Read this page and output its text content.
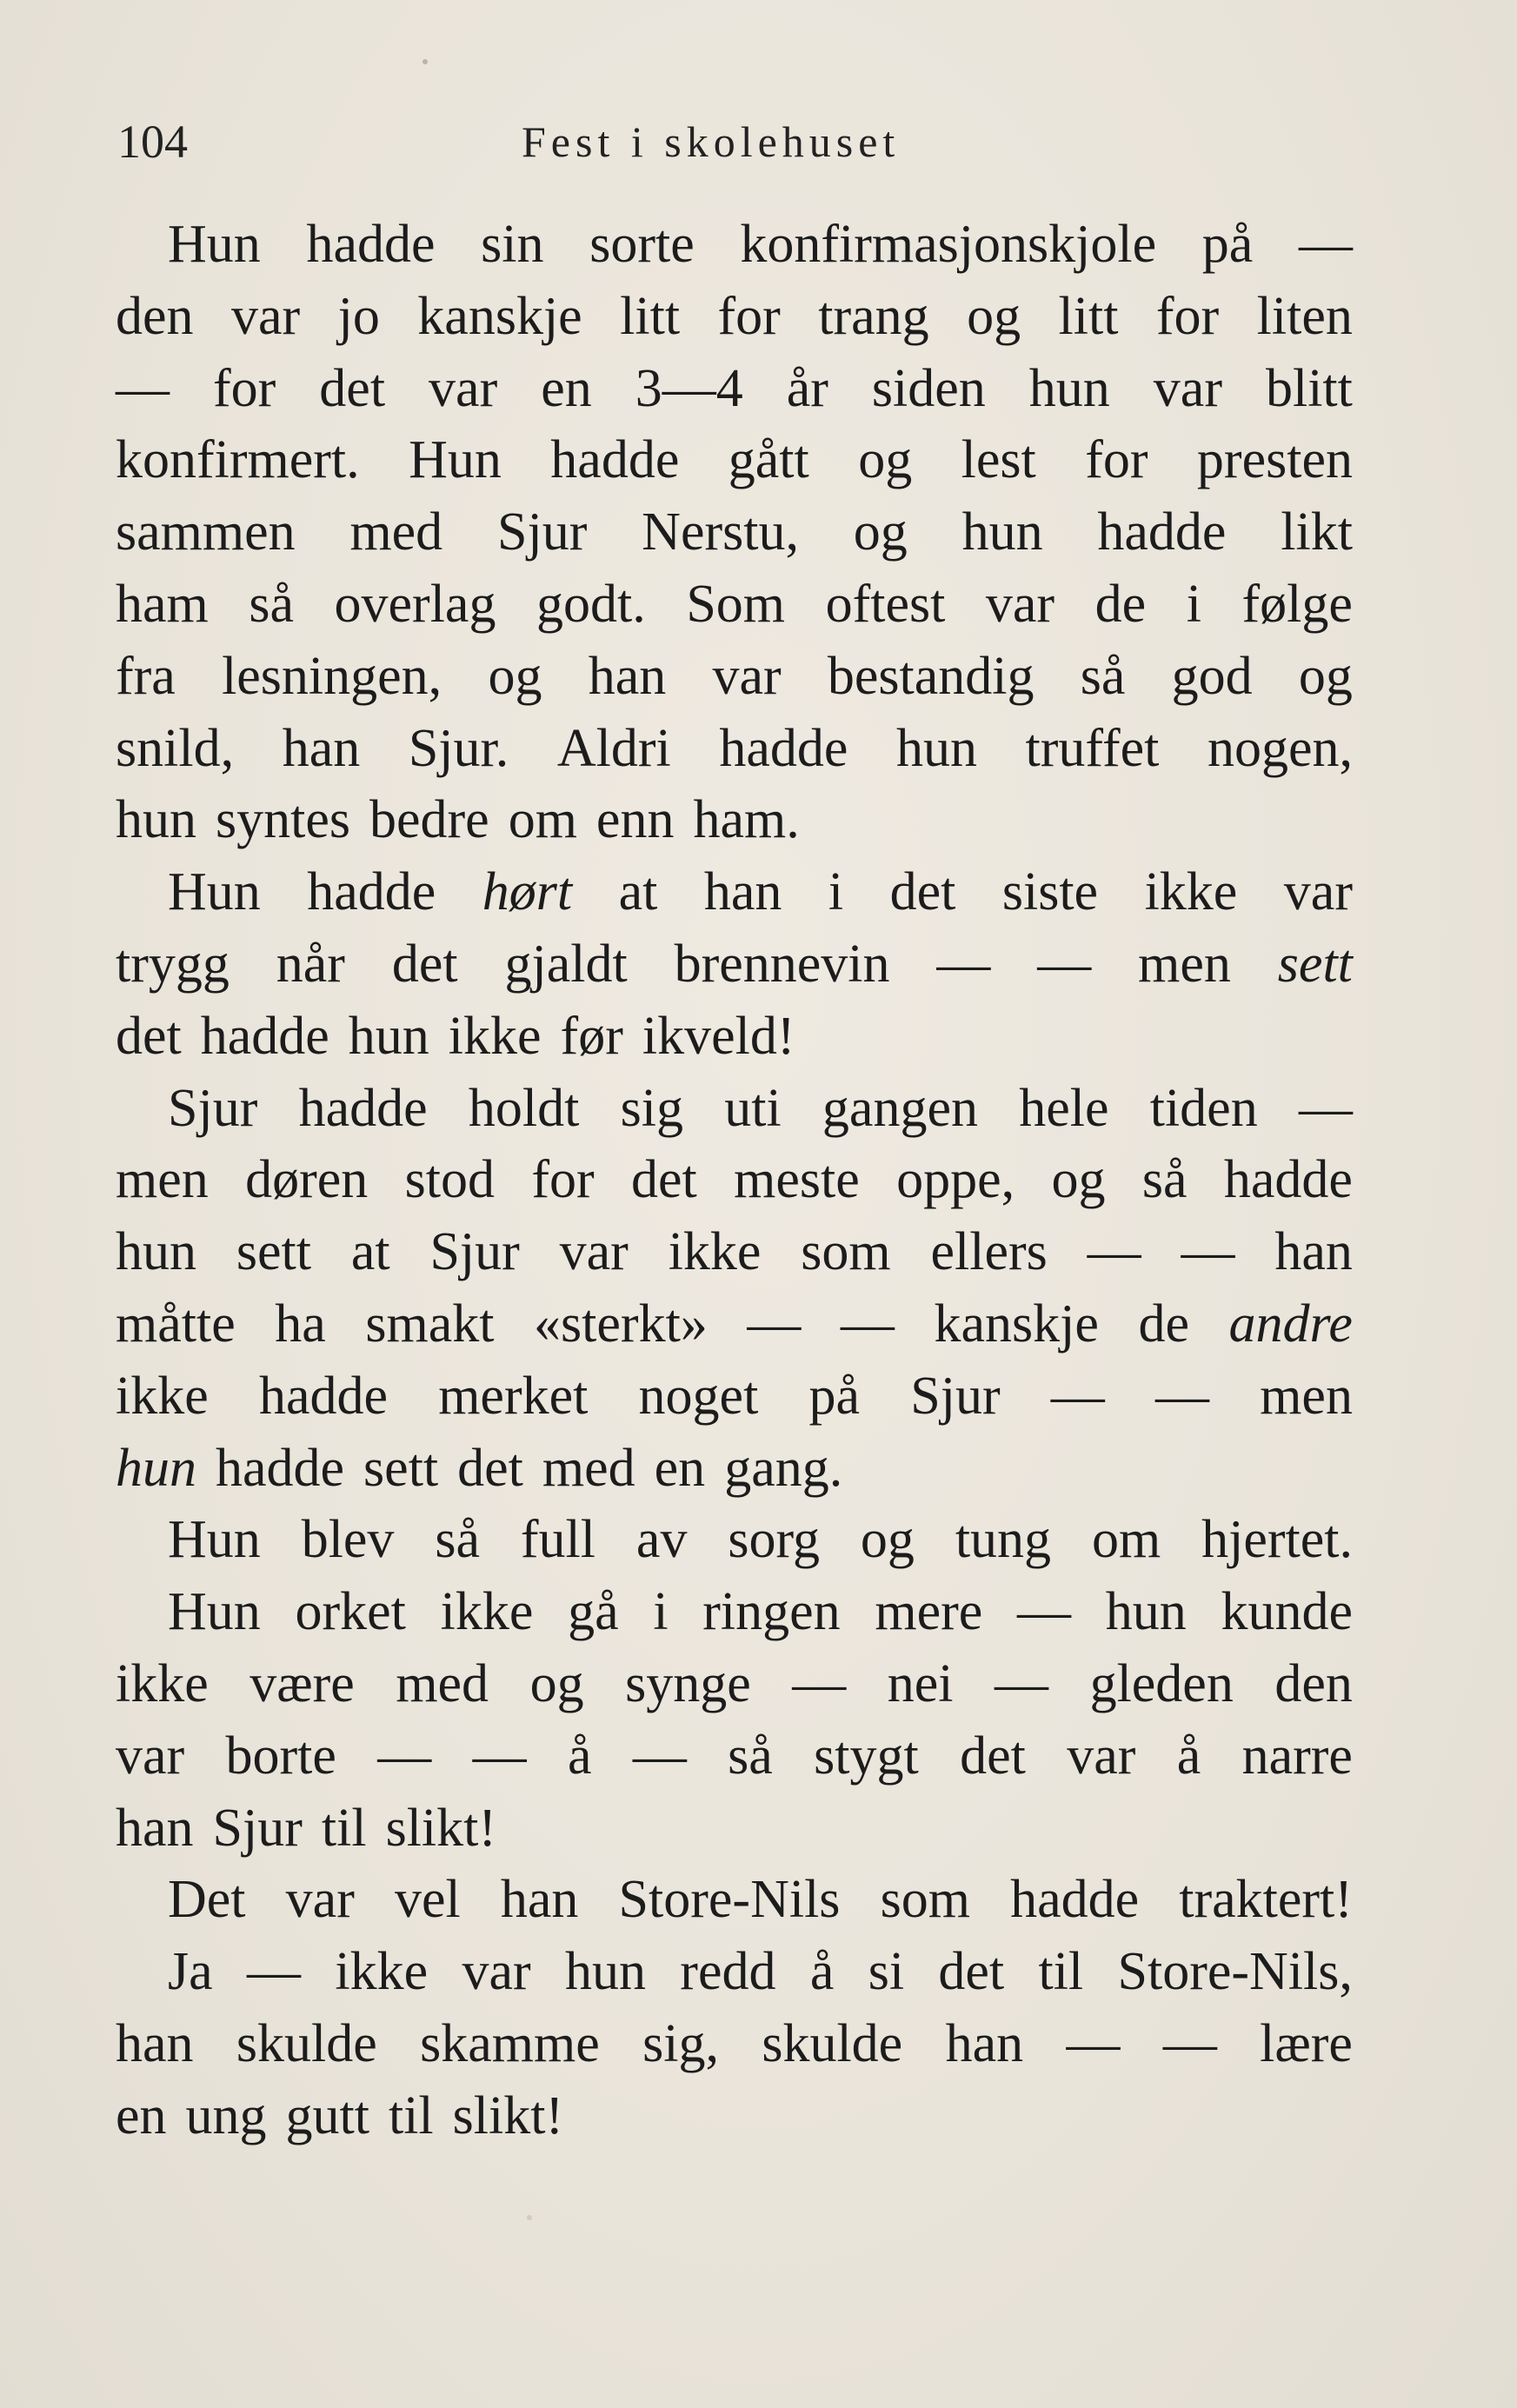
104	Fest i skolehuset
Hun hadde sin sorte konfirmasjonskjole på —
den var jo kanskje litt for trang og litt for liten
— for det var en 3—4 år siden hun var blitt
konfirmert. Hun hadde gått og lest for presten
sammen med Sjur Nerstu, og hun hadde likt
ham så overlag godt. Som oftest var de i følge
fra lesningen, og han var bestandig så god og
snild, han Sjur. Aldri hadde hun truffet nogen,
hun syntes bedre om enn ham.
Hun hadde hørt at han i det siste ikke var
trygg når det gjaldt brennevin — — men sett
det hadde hun ikke før ikveld!
Sjur hadde holdt sig uti gangen hele tiden —
men døren stod for det meste oppe, og så hadde
hun sett at Sjur var ikke som ellers — — han
måtte ha smakt «sterkt» — — kanskje de andre
ikke hadde merket noget på Sjur — — men
hun hadde sett det med en gang.
Hun blev så full av sorg og tung om hjertet.
Hun orket ikke gå i ringen mere — hun kunde
ikke være med og synge — nei — gleden den
var borte — — å — så stygt det var å narre
han Sjur til slikt!
Det var vel han Store-Nils som hadde traktert!
Ja — ikke var hun redd å si det til Store-Nils,
han skulde skamme sig, skulde han — — lære
en ung gutt til slikt!
